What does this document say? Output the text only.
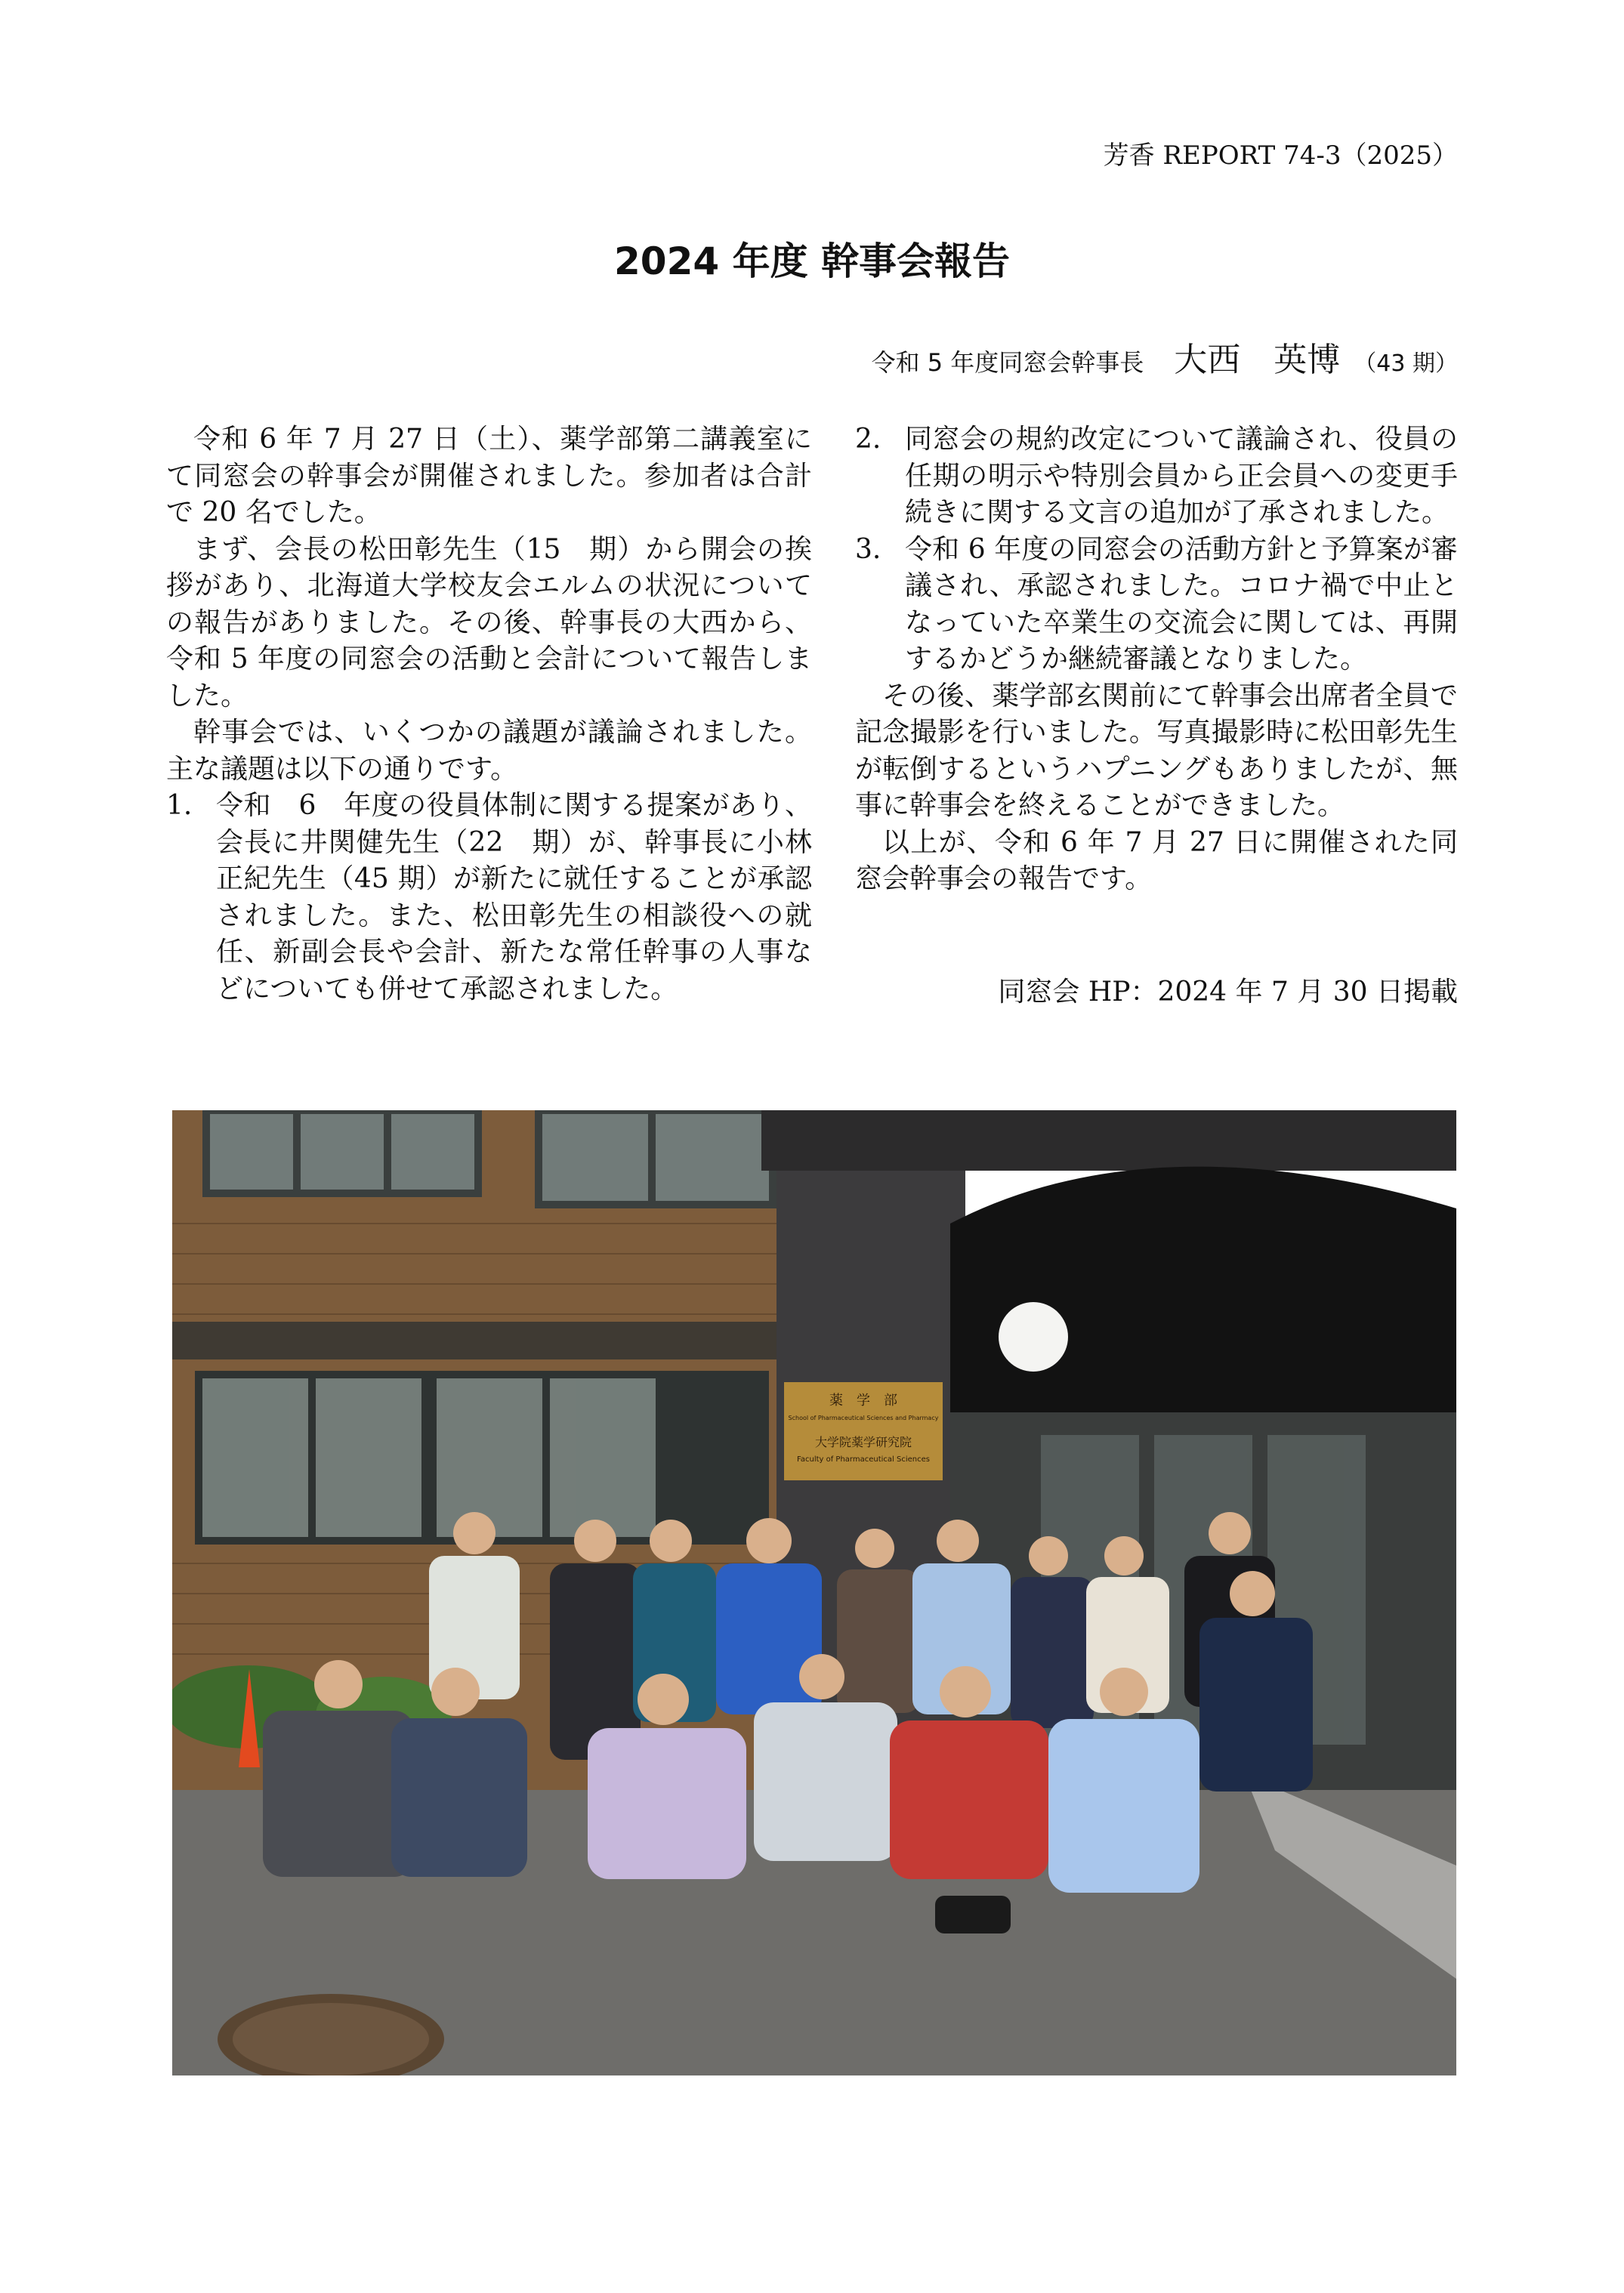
芳香 REPORT 74-3（2025）
2024 年度 幹事会報告
令和 5 年度同窓会幹事長 大西　英博 （43 期）

令和 6 年 7 月 27 日（土）、薬学部第二講義室にて同窓会の幹事会が開催されました。参加者は合計で 20 名でした。

まず、会長の松田彰先生（15　期）から開会の挨拶があり、北海道大学校友会エルムの状況についての報告がありました。その後、幹事長の大西から、令和 5 年度の同窓会の活動と会計について報告しました。

幹事会では、いくつかの議題が議論されました。主な議題は以下の通りです。

1. 令和　6　年度の役員体制に関する提案があり、会長に井関健先生（22　期）が、幹事長に小林正紀先生（45 期）が新たに就任することが承認されました。また、松田彰先生の相談役への就任、新副会長や会計、新たな常任幹事の人事などについても併せて承認されました。
2. 同窓会の規約改定について議論され、役員の任期の明示や特別会員から正会員への変更手続きに関する文言の追加が了承されました。
3. 令和 6 年度の同窓会の活動方針と予算案が審議され、承認されました。コロナ禍で中止となっていた卒業生の交流会に関しては、再開するかどうか継続審議となりました。

その後、薬学部玄関前にて幹事会出席者全員で記念撮影を行いました。写真撮影時に松田彰先生が転倒するというハプニングもありましたが、無事に幹事会を終えることができました。

以上が、令和 6 年 7 月 27 日に開催された同窓会幹事会の報告です。

同窓会 HP：2024 年 7 月 30 日掲載
薬　学　部
School of Pharmaceutical Sciences and Pharmacy
大学院薬学研究院
Faculty of Pharmaceutical Sciences
